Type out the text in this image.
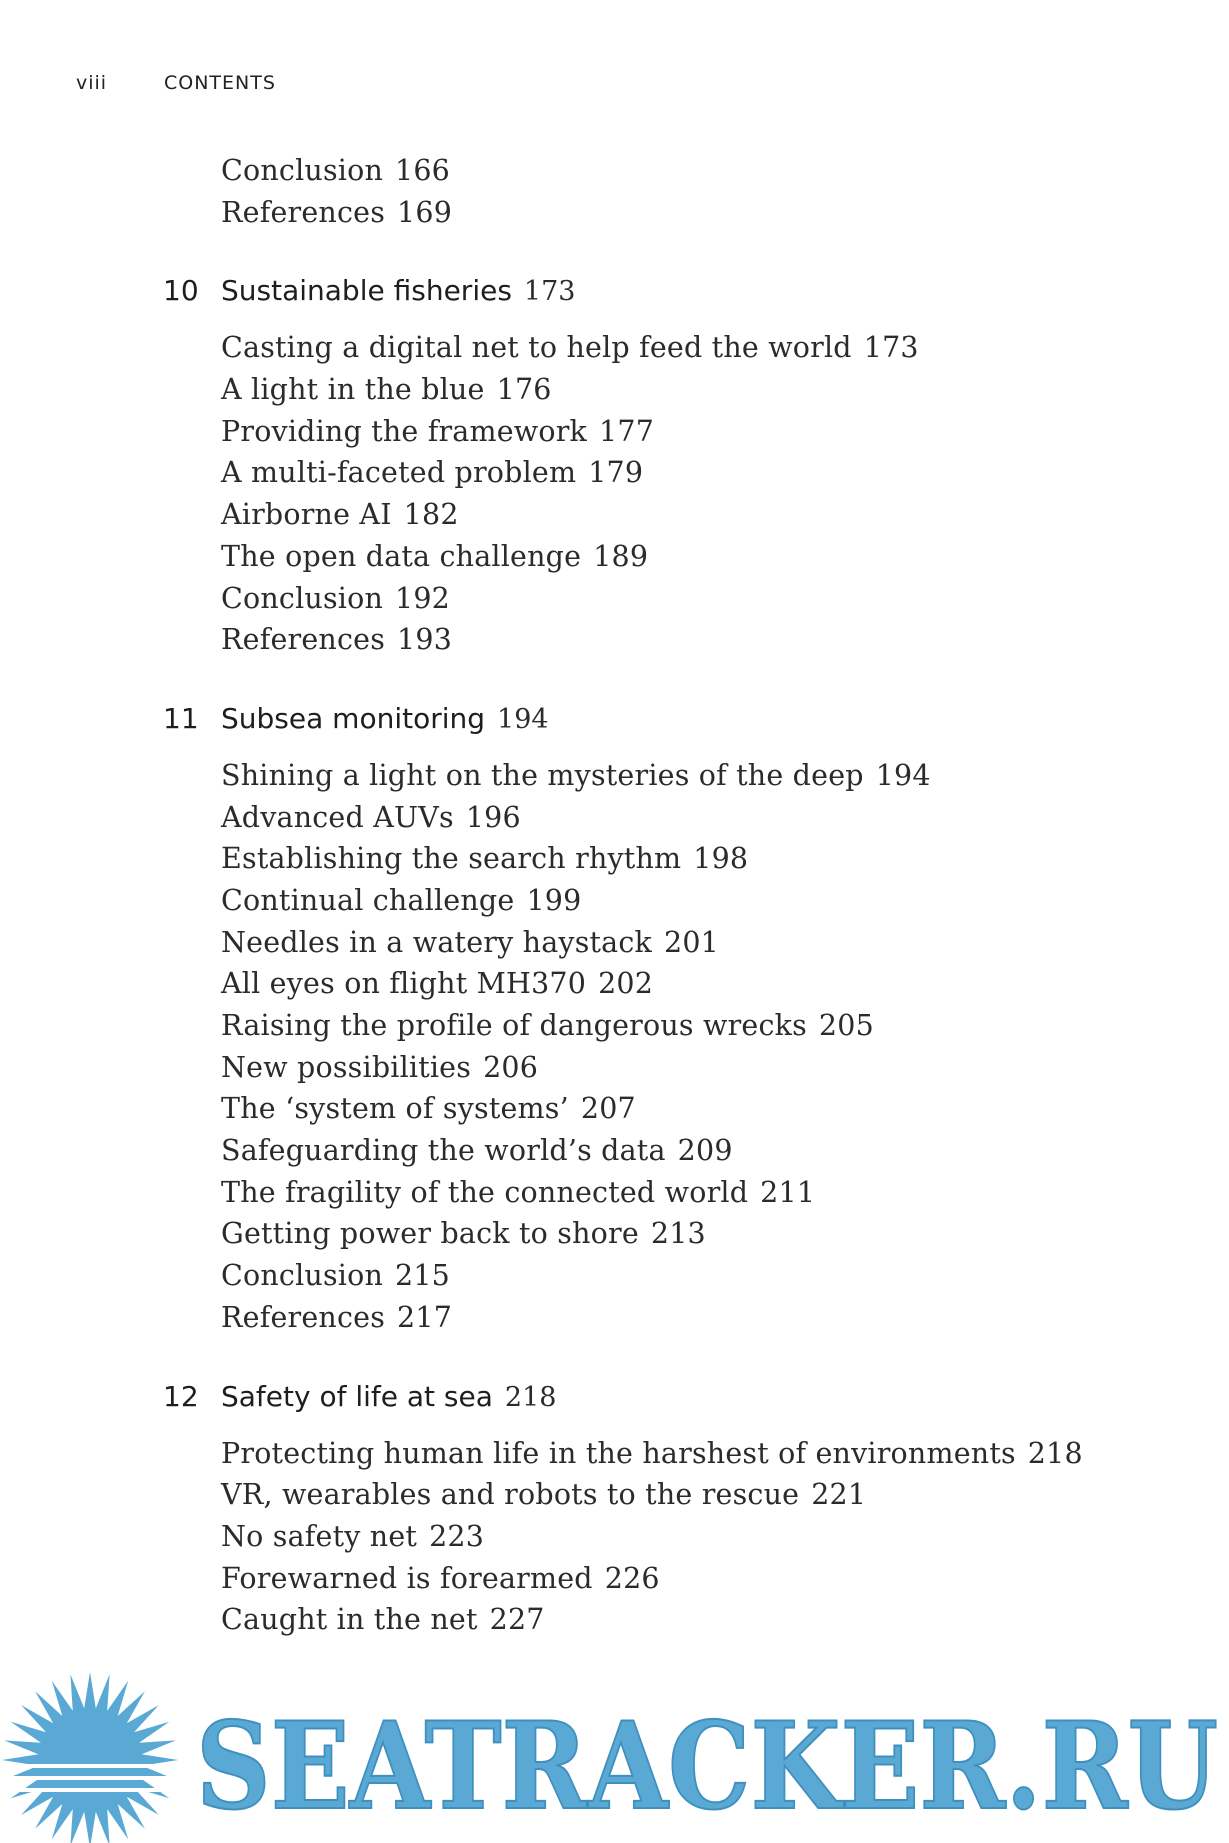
viii	CONTENTS
Conclusion 166
References 169
10 Sustainable fisheries 173
Casting a digital net to help feed the world 173
A light in the blue 176
Providing the framework 177
A multi-faceted problem 179
Airborne AI 182
The open data challenge 189
Conclusion 192
References 193
11 Subsea monitoring 194
Shining a light on the mysteries of the deep 194
Advanced AUVs 196
Establishing the search rhythm 198
Continual challenge 199
Needles in a watery haystack 201
All eyes on flight MH370 202
Raising the profile of dangerous wrecks 205
New possibilities 206
The ‘system of systems’ 207
Safeguarding the world’s data 209
The fragility of the connected world 211
Getting power back to shore 213
Conclusion 215
References 217
12 Safety of life at sea 218
Protecting human life in the harshest of environments 218
VR, wearables and robots to the rescue 221
No safety net 223
Forewarned is forearmed 226
Caught in the net 227
SEATRACKER.RU
